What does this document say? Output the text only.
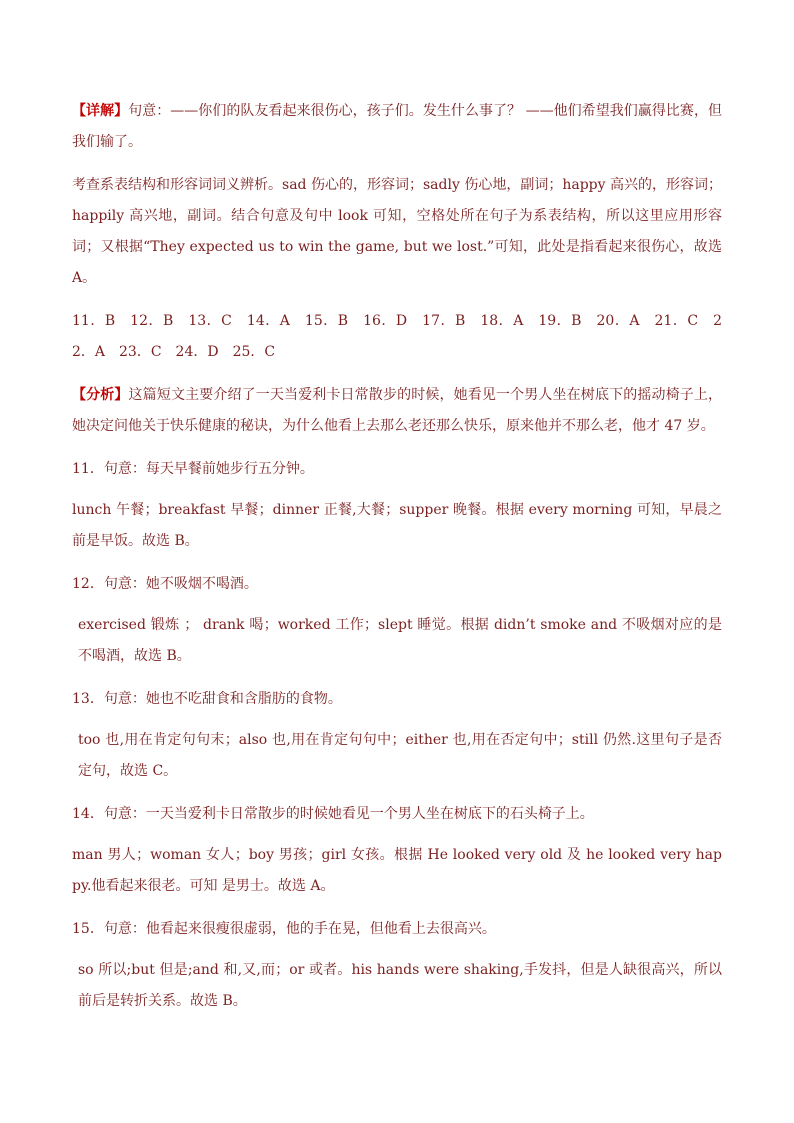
【详解】句意：——你们的队友看起来很伤心，孩子们。发生什么事了？ ——他们希望我们赢得比赛，但我们输了。

考查系表结构和形容词词义辨析。sad 伤心的，形容词；sadly 伤心地，副词；happy 高兴的，形容词；happily 高兴地，副词。结合句意及句中 look 可知，空格处所在句子为系表结构，所以这里应用形容词；又根据“They expected us to win the game, but we lost.”可知，此处是指看起来很伤心，故选 A。

11．B　12．B　13．C　14．A　15．B　16．D　17．B　18．A　19．B　20．A　21．C　22．A　23．C　24．D　25．C

【分析】这篇短文主要介绍了一天当爱利卡日常散步的时候，她看见一个男人坐在树底下的摇动椅子上，她决定问他关于快乐健康的秘诀，为什么他看上去那么老还那么快乐，原来他并不那么老，他才 47 岁。

11．句意：每天早餐前她步行五分钟。

lunch 午餐；breakfast 早餐；dinner 正餐,大餐；supper 晚餐。根据 every morning 可知，早晨之前是早饭。故选 B。

12．句意：她不吸烟不喝酒。

exercised 锻炼 ； drank 喝；worked 工作；slept 睡觉。根据 didn’t smoke and 不吸烟对应的是不喝酒，故选 B。

13．句意：她也不吃甜食和含脂肪的食物。

too 也,用在肯定句句末；also 也,用在肯定句句中；either 也,用在否定句中；still 仍然.这里句子是否定句，故选 C。

14．句意：一天当爱利卡日常散步的时候她看见一个男人坐在树底下的石头椅子上。

man 男人；woman 女人；boy 男孩；girl 女孩。根据 He looked very old 及 he looked very happy.他看起来很老。可知 是男士。故选 A。

15．句意：他看起来很瘦很虚弱，他的手在晃，但他看上去很高兴。

so 所以;but 但是;and 和,又,而；or 或者。his hands were shaking,手发抖，但是人缺很高兴，所以前后是转折关系。故选 B。
